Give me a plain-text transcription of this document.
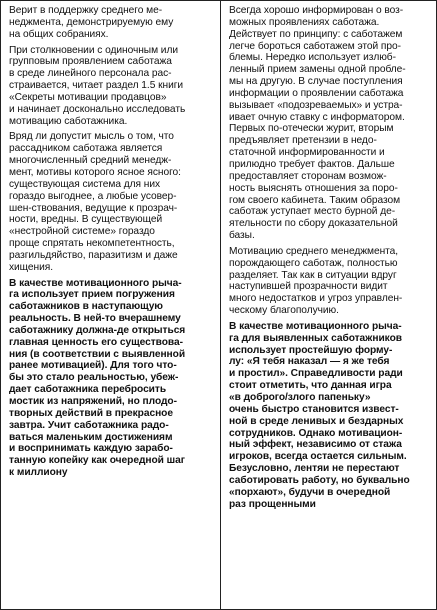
Верит в поддержку среднего ме-
неджмента, демонстрируемую ему
на общих собраниях.
При столкновении с одиночным или
групповым проявлением саботажа
в среде линейного персонала рас-
страивается, читает раздел 1.5 книги
«Секреты мотивации продавцов»
и начинает досконально исследовать
мотивацию саботажника.
Вряд ли допустит мысль о том, что
рассадником саботажа является
многочисленный средний менедж-
мент, мотивы которого ясное ясного:
существующая система для них
гораздо выгоднее, а любые усовер-
шен-ствования, ведущие к прозрач-
ности, вредны. В существующей
«нестройной системе» гораздо
проще спрятать некомпетентность,
разгильдяйство, паразитизм и даже
хищения.
В качестве мотивационного рыча-
га использует прием погружения
саботажников в наступающую
реальность. В ней-то вчерашнему
саботажнику должна-де открыться
главная ценность его существова-
ния (в соответствии с выявленной
ранее мотивацией). Для того что-
бы это стало реальностью, убеж-
дает саботажника перебросить
мостик из напряжений, но плодо-
творных действий в прекрасное
завтра. Учит саботажника радо-
ваться маленьким достижениям
и воспринимать каждую зарабо-
танную копейку как очередной шаг
к миллиону
Всегда хорошо информирован о воз-
можных проявлениях саботажа.
Действует по принципу: с саботажем
легче бороться саботажем этой про-
блемы. Нередко использует излюб-
ленный прием замены одной пробле-
мы на другую. В случае поступления
информации о проявлении саботажа
вызывает «подозреваемых» и устра-
ивает очную ставку с информатором.
Первых по-отечески журит, вторым
предъявляет претензии в недо-
статочной информированности и
прилюдно требует фактов. Дальше
предоставляет сторонам возмож-
ность выяснять отношения за поро-
гом своего кабинета. Таким образом
саботаж уступает место бурной де-
ятельности по сбору доказательной
базы.
Мотивацию среднего менеджмента,
порождающего саботаж, полностью
разделяет. Так как в ситуации вдруг
наступившей прозрачности видит
много недостатков и угроз управлен-
ческому благополучию.
В качестве мотивационного рыча-
га для выявленных саботажников
использует простейшую форму-
лу: «Я тебя наказал — я же тебя
и простил». Справедливости ради
стоит отметить, что данная игра
«в доброго/злого папеньку»
очень быстро становится извест-
ной в среде ленивых и бездарных
сотрудников. Однако мотивацион-
ный эффект, независимо от стажа
игроков, всегда остается сильным.
Безусловно, лентяи не перестают
саботировать работу, но буквально
«порхают», будучи в очередной
раз прощенными
